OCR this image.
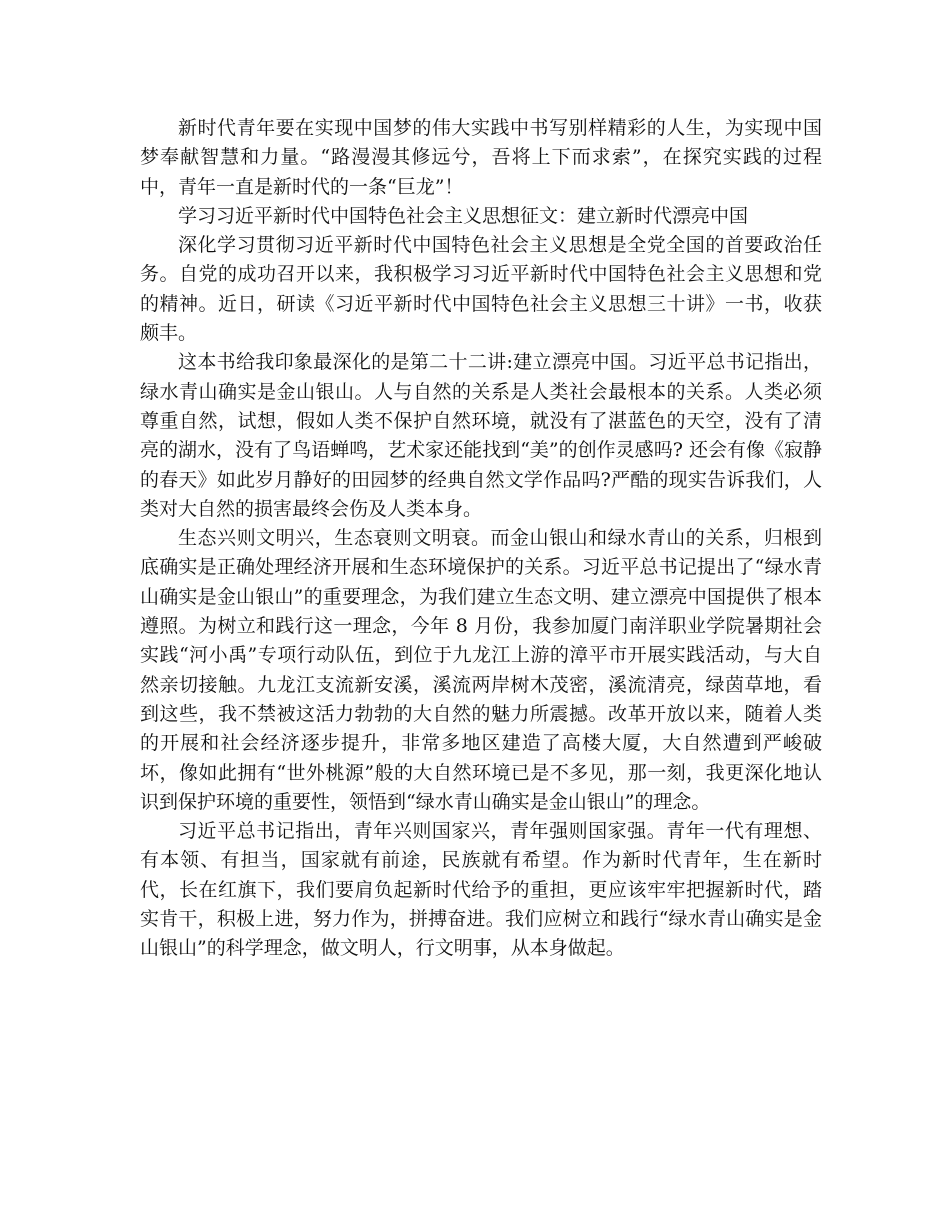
新时代青年要在实现中国梦的伟大实践中书写别样精彩的人生，为实现中国梦奉献智慧和力量。“路漫漫其修远兮，吾将上下而求索”，在探究实践的过程中，青年一直是新时代的一条“巨龙”！

学习习近平新时代中国特色社会主义思想征文：建立新时代漂亮中国

深化学习贯彻习近平新时代中国特色社会主义思想是全党全国的首要政治任务。自党的成功召开以来，我积极学习习近平新时代中国特色社会主义思想和党的精神。近日，研读《习近平新时代中国特色社会主义思想三十讲》一书，收获颇丰。

这本书给我印象最深化的是第二十二讲:建立漂亮中国。习近平总书记指出，绿水青山确实是金山银山。人与自然的关系是人类社会最根本的关系。人类必须尊重自然，试想，假如人类不保护自然环境，就没有了湛蓝色的天空，没有了清亮的湖水，没有了鸟语蝉鸣，艺术家还能找到“美”的创作灵感吗? 还会有像《寂静的春天》如此岁月静好的田园梦的经典自然文学作品吗?严酷的现实告诉我们，人类对大自然的损害最终会伤及人类本身。

生态兴则文明兴，生态衰则文明衰。而金山银山和绿水青山的关系，归根到底确实是正确处理经济开展和生态环境保护的关系。习近平总书记提出了“绿水青山确实是金山银山”的重要理念，为我们建立生态文明、建立漂亮中国提供了根本遵照。为树立和践行这一理念，今年 8 月份，我参加厦门南洋职业学院暑期社会实践“河小禹”专项行动队伍，到位于九龙江上游的漳平市开展实践活动，与大自然亲切接触。九龙江支流新安溪，溪流两岸树木茂密，溪流清亮，绿茵草地，看到这些，我不禁被这活力勃勃的大自然的魅力所震撼。改革开放以来，随着人类的开展和社会经济逐步提升，非常多地区建造了高楼大厦，大自然遭到严峻破坏，像如此拥有“世外桃源”般的大自然环境已是不多见，那一刻，我更深化地认识到保护环境的重要性，领悟到“绿水青山确实是金山银山”的理念。

习近平总书记指出，青年兴则国家兴，青年强则国家强。青年一代有理想、有本领、有担当，国家就有前途，民族就有希望。作为新时代青年，生在新时代，长在红旗下，我们要肩负起新时代给予的重担，更应该牢牢把握新时代，踏实肯干，积极上进，努力作为，拼搏奋进。我们应树立和践行“绿水青山确实是金山银山”的科学理念，做文明人，行文明事，从本身做起。
